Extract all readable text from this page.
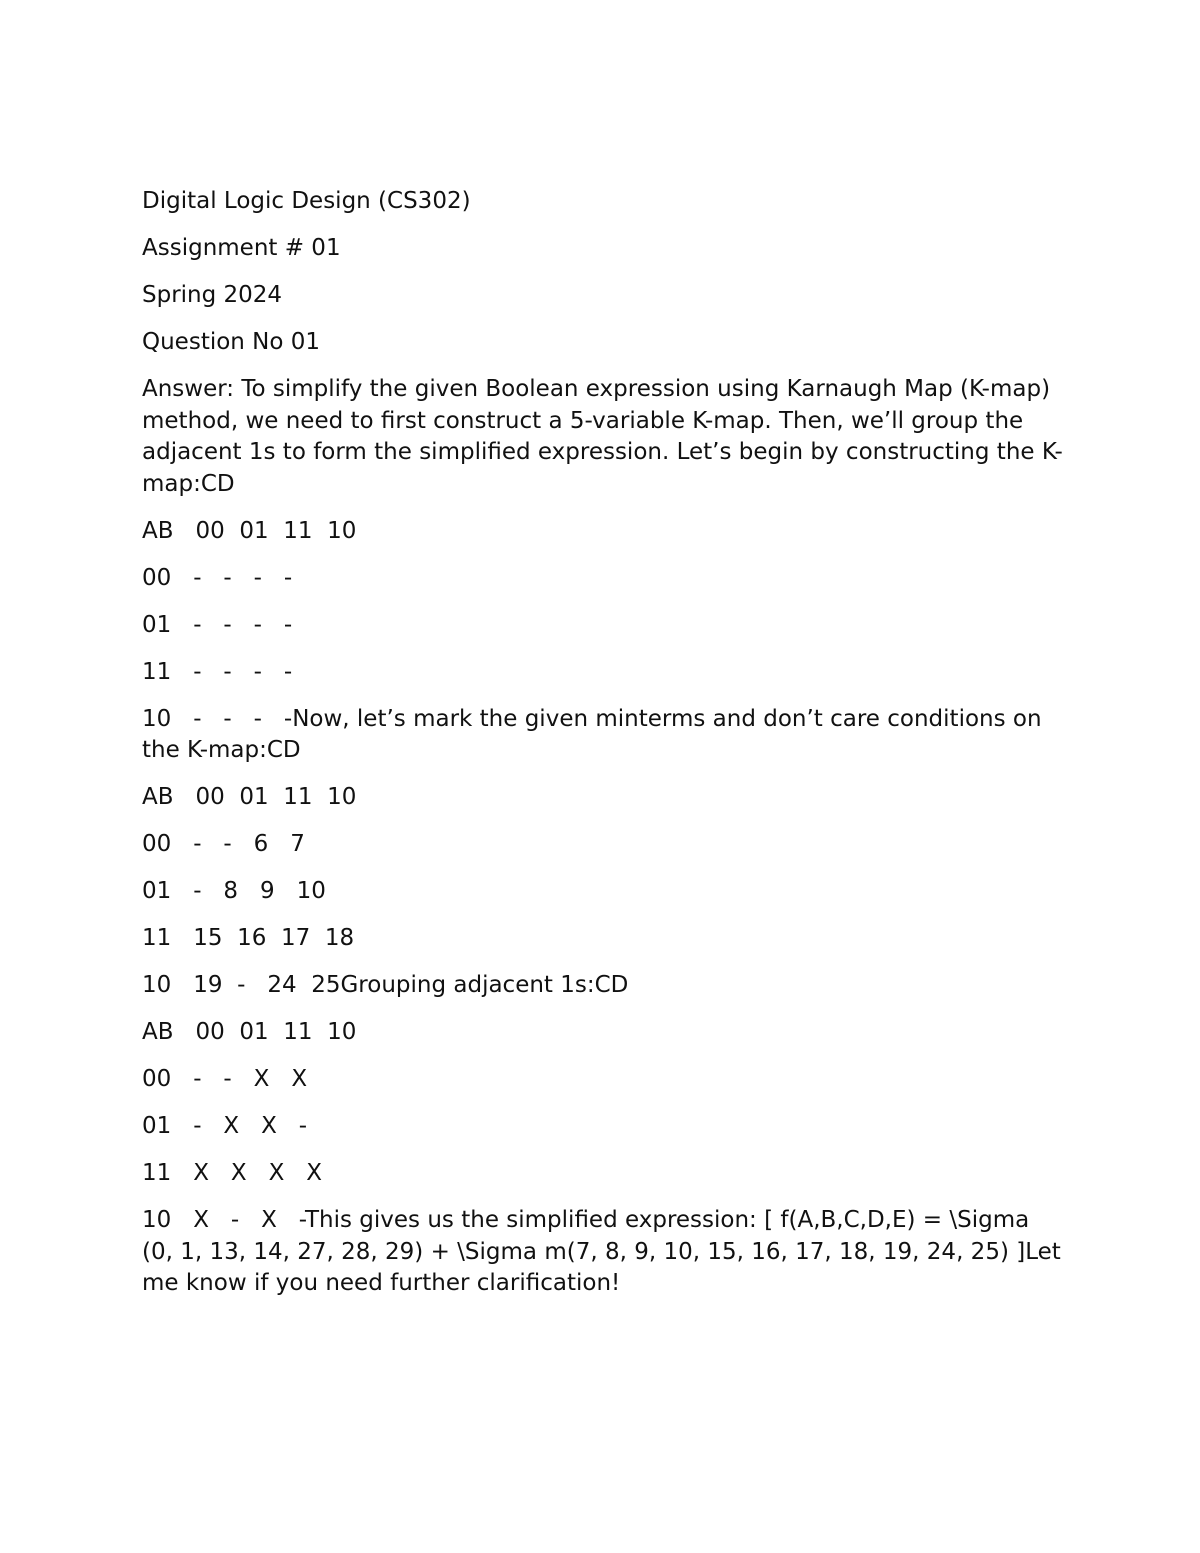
Digital Logic Design (CS302)

Assignment # 01

Spring 2024

Question No 01

Answer: To simplify the given Boolean expression using Karnaugh Map (K-map) method, we need to first construct a 5-variable K-map. Then, we’ll group the adjacent 1s to form the simplified expression. Let’s begin by constructing the K-map:CD

AB   00  01  11  10

00   -   -   -   -

01   -   -   -   -

11   -   -   -   -

10   -   -   -   -Now, let’s mark the given minterms and don’t care conditions on the K-map:CD

AB   00  01  11  10

00   -   -   6   7

01   -   8   9   10

11   15  16  17  18

10   19  -   24  25Grouping adjacent 1s:CD

AB   00  01  11  10

00   -   -   X   X

01   -   X   X   -

11   X   X   X   X

10   X   -   X   -This gives us the simplified expression: [ f(A,B,C,D,E) = \Sigma (0, 1, 13, 14, 27, 28, 29) + \Sigma m(7, 8, 9, 10, 15, 16, 17, 18, 19, 24, 25) ]Let me know if you need further clarification!
